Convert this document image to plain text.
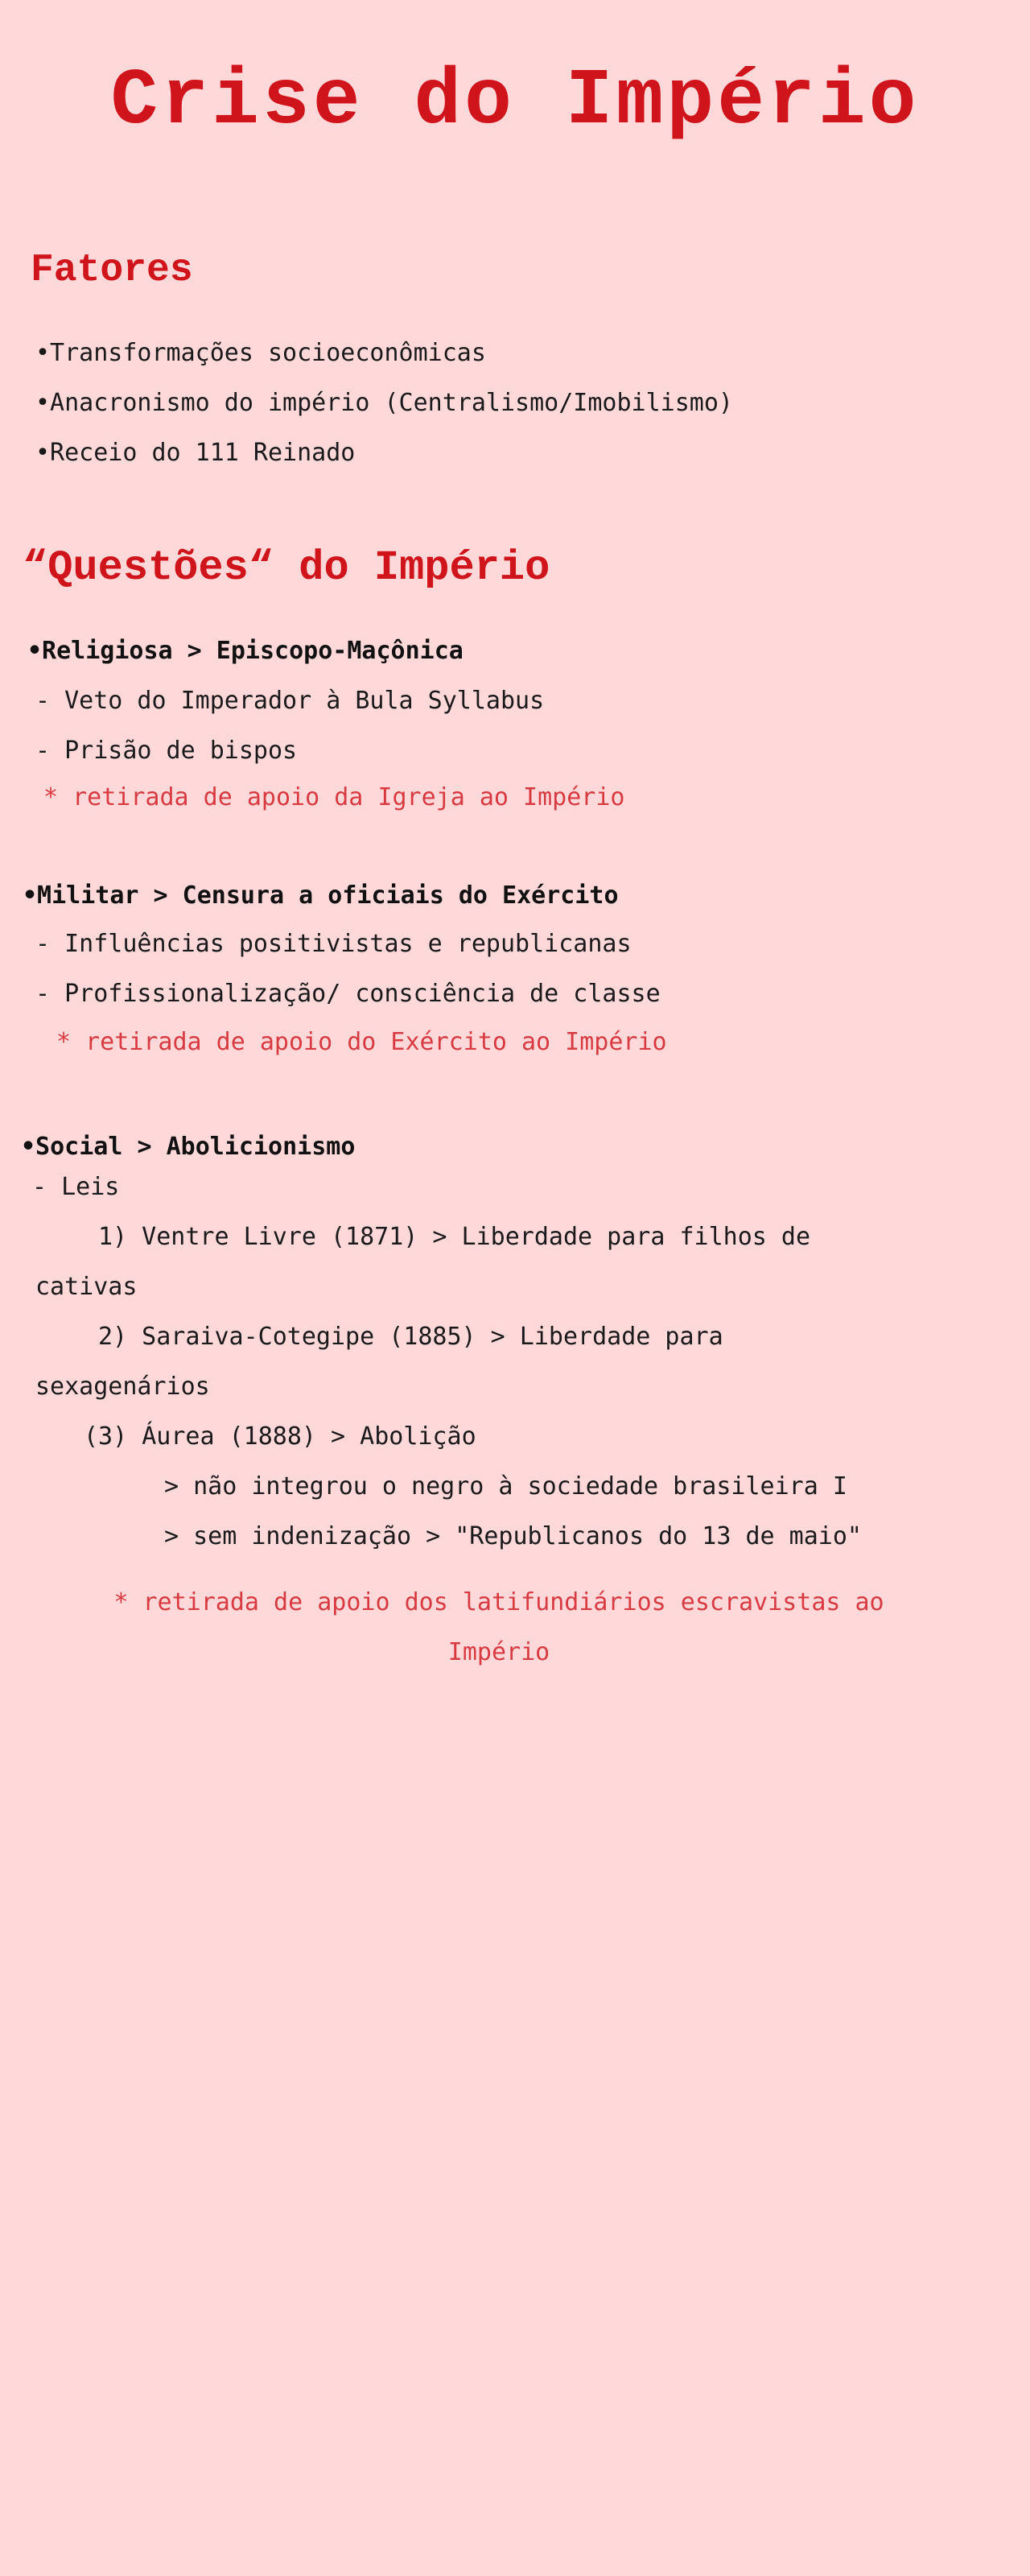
Crise do Império
Fatores
•Transformações socioeconômicas
•Anacronismo do império (Centralismo/Imobilismo)
•Receio do 111 Reinado
“Questões“ do Império
•Religiosa > Episcopo-Maçônica
- Veto do Imperador à Bula Syllabus
- Prisão de bispos
* retirada de apoio da Igreja ao Império
•Militar > Censura a oficiais do Exército
- Influências positivistas e republicanas
- Profissionalização/ consciência de classe
* retirada de apoio do Exército ao Império
•Social > Abolicionismo
- Leis
1) Ventre Livre (1871) > Liberdade para filhos de
cativas
2) Saraiva-Cotegipe (1885) > Liberdade para
sexagenários
(3) Áurea (1888) > Abolição
> não integrou o negro à sociedade brasileira I
> sem indenização > "Republicanos do 13 de maio"
* retirada de apoio dos latifundiários escravistas ao
Império
